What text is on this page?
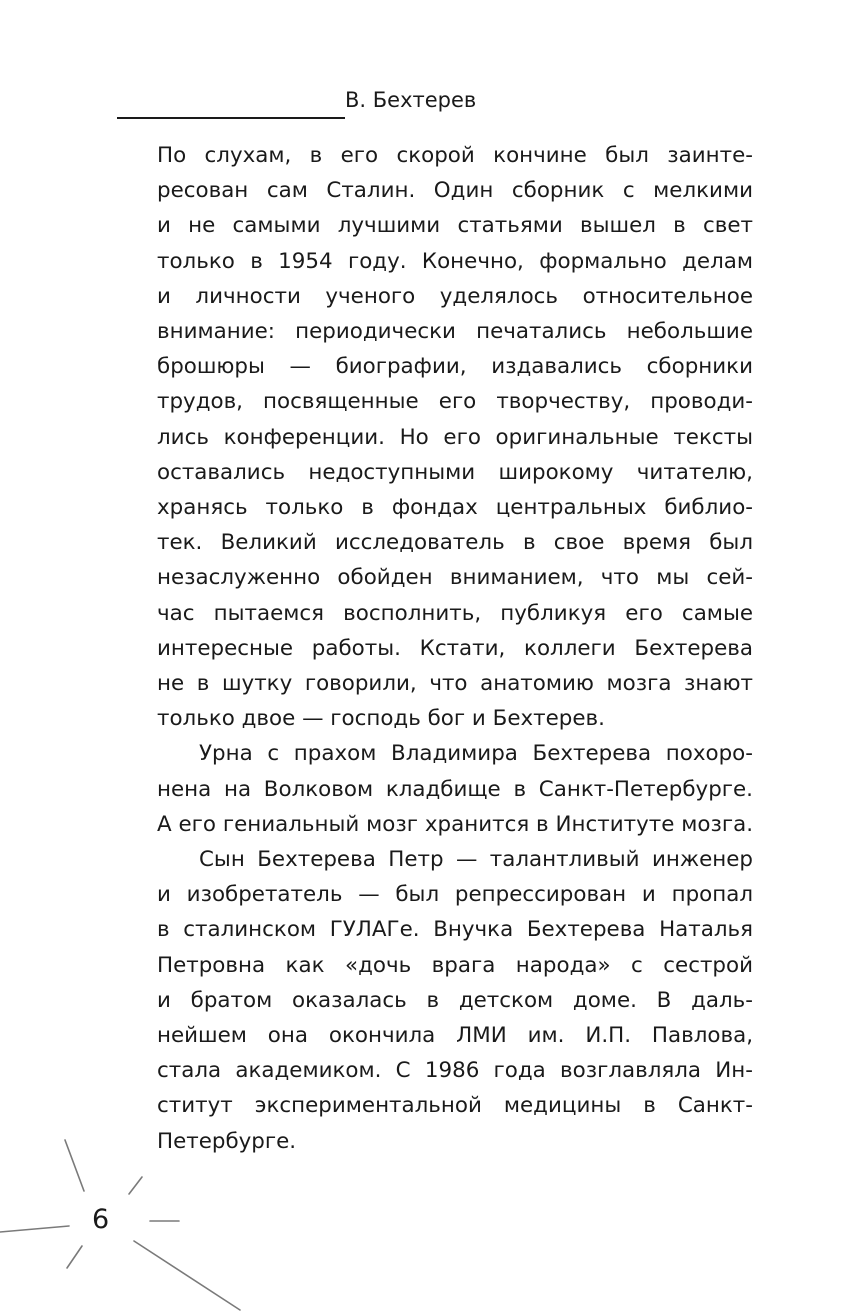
В. Бехтерев
По слухам, в его скорой кончине был заинте-
ресован сам Сталин. Один сборник с мелкими
и не самыми лучшими статьями вышел в свет
только в 1954 году. Конечно, формально делам
и личности ученого уделялось относительное
внимание: периодически печатались небольшие
брошюры — биографии, издавались сборники
трудов, посвященные его творчеству, проводи-
лись конференции. Но его оригинальные тексты
оставались недоступными широкому читателю,
хранясь только в фондах центральных библио-
тек. Великий исследователь в свое время был
незаслуженно обойден вниманием, что мы сей-
час пытаемся восполнить, публикуя его самые
интересные работы. Кстати, коллеги Бехтерева
не в шутку говорили, что анатомию мозга знают
только двое — господь бог и Бехтерев.
Урна с прахом Владимира Бехтерева похоро-
нена на Волковом кладбище в Санкт-Петербурге.
А его гениальный мозг хранится в Институте мозга.
Сын Бехтерева Петр — талантливый инженер
и изобретатель — был репрессирован и пропал
в сталинском ГУЛАГе. Внучка Бехтерева Наталья
Петровна как «дочь врага народа» с сестрой
и братом оказалась в детском доме. В даль-
нейшем она окончила ЛМИ им. И.П. Павлова,
стала академиком. С 1986 года возглавляла Ин-
ститут экспериментальной медицины в Санкт-
Петербурге.
6
